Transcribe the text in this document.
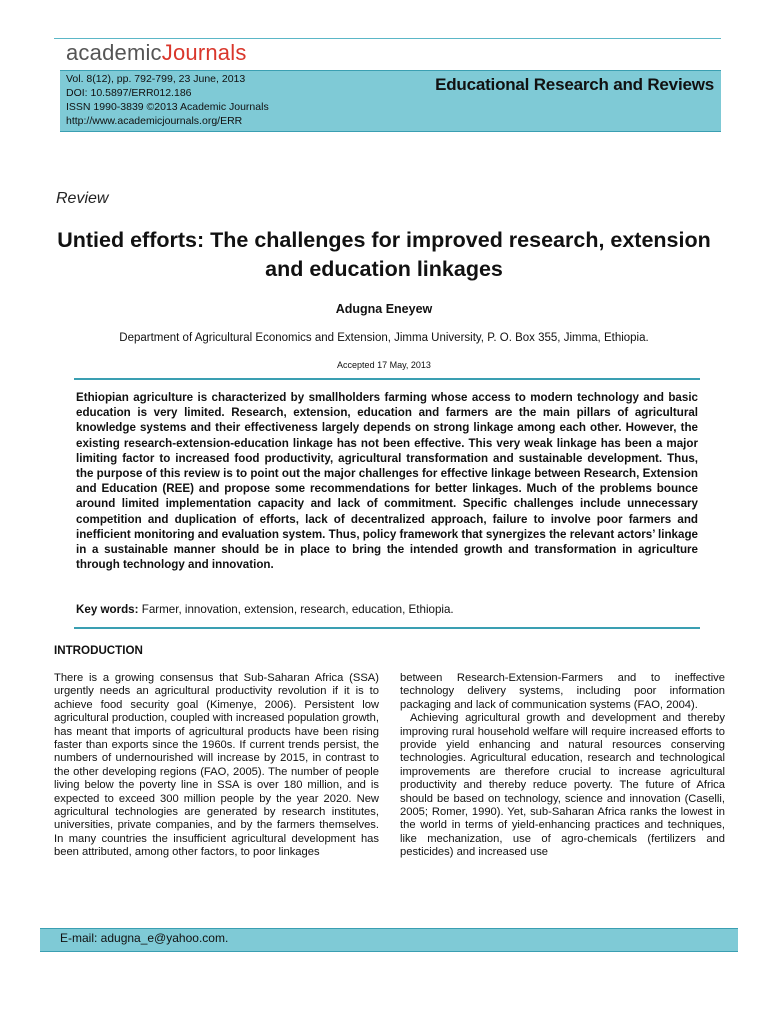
academicJournals
Vol. 8(12), pp. 792-799, 23 June, 2013
DOI: 10.5897/ERR012.186
ISSN 1990-3839 ©2013 Academic Journals
http://www.academicjournals.org/ERR
Educational Research and Reviews
Review
Untied efforts: The challenges for improved research, extension and education linkages
Adugna Eneyew
Department of Agricultural Economics and Extension, Jimma University, P. O. Box 355, Jimma, Ethiopia.
Accepted 17 May, 2013
Ethiopian agriculture is characterized by smallholders farming whose access to modern technology and basic education is very limited. Research, extension, education and farmers are the main pillars of agricultural knowledge systems and their effectiveness largely depends on strong linkage among each other. However, the existing research-extension-education linkage has not been effective. This very weak linkage has been a major limiting factor to increased food productivity, agricultural transformation and sustainable development. Thus, the purpose of this review is to point out the major challenges for effective linkage between Research, Extension and Education (REE) and propose some recommendations for better linkages. Much of the problems bounce around limited implementation capacity and lack of commitment. Specific challenges include unnecessary competition and duplication of efforts, lack of decentralized approach, failure to involve poor farmers and inefficient monitoring and evaluation system. Thus, policy framework that synergizes the relevant actors’ linkage in a sustainable manner should be in place to bring the intended growth and transformation in agriculture through technology and innovation.
Key words: Farmer, innovation, extension, research, education, Ethiopia.
INTRODUCTION

There is a growing consensus that Sub-Saharan Africa (SSA) urgently needs an agricultural productivity revolution if it is to achieve food security goal (Kimenye, 2006). Persistent low agricultural production, coupled with increased population growth, has meant that imports of agricultural products have been rising faster than exports since the 1960s. If current trends persist, the numbers of undernourished will increase by 2015, in contrast to the other developing regions (FAO, 2005). The number of people living below the poverty line in SSA is over 180 million, and is expected to exceed 300 million people by the year 2020. New agricultural technologies are generated by research institutes, universities, private companies, and by the farmers themselves. In many countries the insufficient agricultural development has been attributed, among other factors, to poor linkages

between Research-Extension-Farmers and to ineffective technology delivery systems, including poor information packaging and lack of communication systems (FAO, 2004).

Achieving agricultural growth and development and thereby improving rural household welfare will require increased efforts to provide yield enhancing and natural resources conserving technologies. Agricultural education, research and technological improvements are therefore crucial to increase agricultural productivity and thereby reduce poverty. The future of Africa should be based on technology, science and innovation (Caselli, 2005; Romer, 1990). Yet, sub-Saharan Africa ranks the lowest in the world in terms of yield-enhancing practices and techniques, like mechanization, use of agro-chemicals (fertilizers and pesticides) and increased use

E-mail: adugna_e@yahoo.com.
